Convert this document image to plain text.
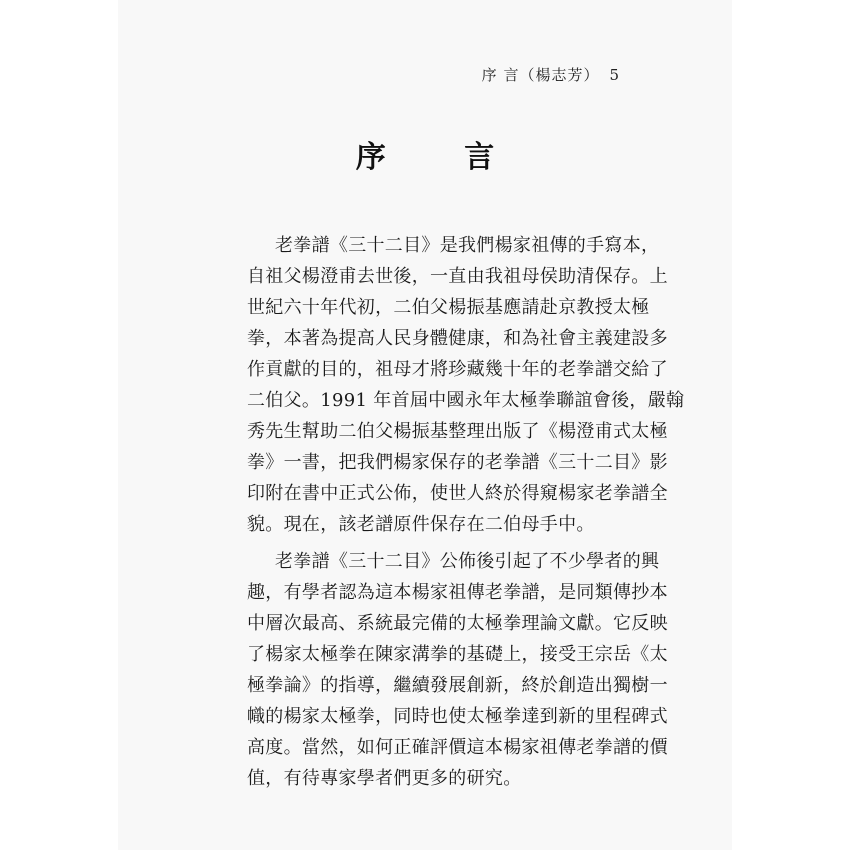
序 言（楊志芳） 5
序 言
老拳譜《三十二目》是我們楊家祖傳的手寫本，
自祖父楊澄甫去世後，一直由我祖母侯助清保存。上
世紀六十年代初，二伯父楊振基應請赴京教授太極
拳，本著為提高人民身體健康，和為社會主義建設多
作貢獻的目的，祖母才將珍藏幾十年的老拳譜交給了
二伯父。1991 年首屆中國永年太極拳聯誼會後，嚴翰
秀先生幫助二伯父楊振基整理出版了《楊澄甫式太極
拳》一書，把我們楊家保存的老拳譜《三十二目》影
印附在書中正式公佈，使世人終於得窺楊家老拳譜全
貌。現在，該老譜原件保存在二伯母手中。
老拳譜《三十二目》公佈後引起了不少學者的興
趣，有學者認為這本楊家祖傳老拳譜，是同類傳抄本
中層次最高、系統最完備的太極拳理論文獻。它反映
了楊家太極拳在陳家溝拳的基礎上，接受王宗岳《太
極拳論》的指導，繼續發展創新，終於創造出獨樹一
幟的楊家太極拳，同時也使太極拳達到新的里程碑式
高度。當然，如何正確評價這本楊家祖傳老拳譜的價
值，有待專家學者們更多的研究。
